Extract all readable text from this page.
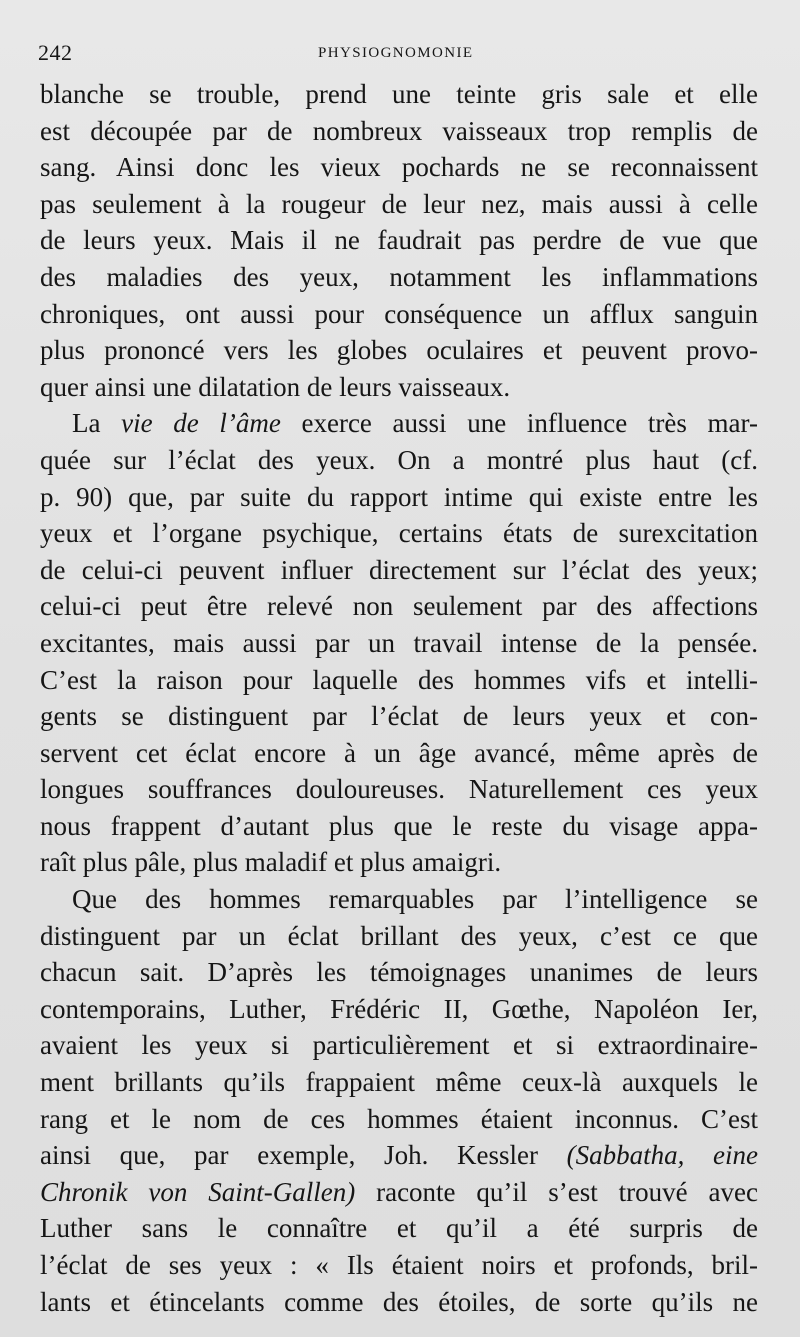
242	PHYSIOGNOMONIE
blanche se trouble, prend une teinte gris sale et elle
est découpée par de nombreux vaisseaux trop remplis de
sang. Ainsi donc les vieux pochards ne se reconnaissent
pas seulement à la rougeur de leur nez, mais aussi à celle
de leurs yeux. Mais il ne faudrait pas perdre de vue que
des maladies des yeux, notamment les inflammations
chroniques, ont aussi pour conséquence un afflux sanguin
plus prononcé vers les globes oculaires et peuvent provo-
quer ainsi une dilatation de leurs vaisseaux.
La vie de l’âme exerce aussi une influence très mar-
quée sur l’éclat des yeux. On a montré plus haut (cf.
p. 90) que, par suite du rapport intime qui existe entre les
yeux et l’organe psychique, certains états de surexcitation
de celui-ci peuvent influer directement sur l’éclat des yeux;
celui-ci peut être relevé non seulement par des affections
excitantes, mais aussi par un travail intense de la pensée.
C’est la raison pour laquelle des hommes vifs et intelli-
gents se distinguent par l’éclat de leurs yeux et con-
servent cet éclat encore à un âge avancé, même après de
longues souffrances douloureuses. Naturellement ces yeux
nous frappent d’autant plus que le reste du visage appa-
raît plus pâle, plus maladif et plus amaigri.
Que des hommes remarquables par l’intelligence se
distinguent par un éclat brillant des yeux, c’est ce que
chacun sait. D’après les témoignages unanimes de leurs
contemporains, Luther, Frédéric II, Gœthe, Napoléon Ier,
avaient les yeux si particulièrement et si extraordinaire-
ment brillants qu’ils frappaient même ceux-là auxquels le
rang et le nom de ces hommes étaient inconnus. C’est
ainsi que, par exemple, Joh. Kessler (Sabbatha, eine
Chronik von Saint-Gallen) raconte qu’il s’est trouvé avec
Luther sans le connaître et qu’il a été surpris de
l’éclat de ses yeux : « Ils étaient noirs et profonds, bril-
lants et étincelants comme des étoiles, de sorte qu’ils ne
